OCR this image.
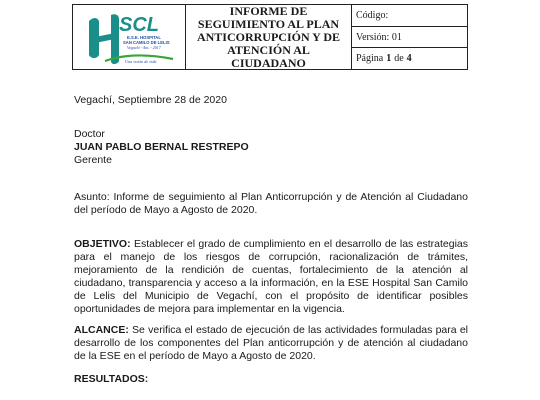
SCL
E.S.E. HOSPITAL
SAN CAMILO DE LELIS
Vegachí - Ant. - 2017
Una visión de vida
INFORME DE SEGUIMIENTO AL PLAN ANTICORRUPCIÓN Y DE ATENCIÓN AL CIUDADANO
Código:
Versión: 01
Página 1 de 4
Vegachí, Septiembre 28 de 2020
Doctor
JUAN PABLO BERNAL RESTREPO
Gerente
Asunto: Informe de seguimiento al Plan Anticorrupción y de Atención al Ciudadano del período de Mayo a Agosto de 2020.
OBJETIVO: Establecer el grado de cumplimiento en el desarrollo de las estrategias para el manejo de los riesgos de corrupción, racionalización de trámites, mejoramiento de la rendición de cuentas, fortalecimiento de la atención al ciudadano, transparencia y acceso a la información, en la ESE Hospital San Camilo de Lelis del Municipio de Vegachí, con el propósito de identificar posibles oportunidades de mejora para implementar en la vigencia.
ALCANCE: Se verifica el estado de ejecución de las actividades formuladas para el desarrollo de los componentes del Plan anticorrupción y de atención al ciudadano de la ESE en el período de Mayo a Agosto de 2020.
RESULTADOS:
